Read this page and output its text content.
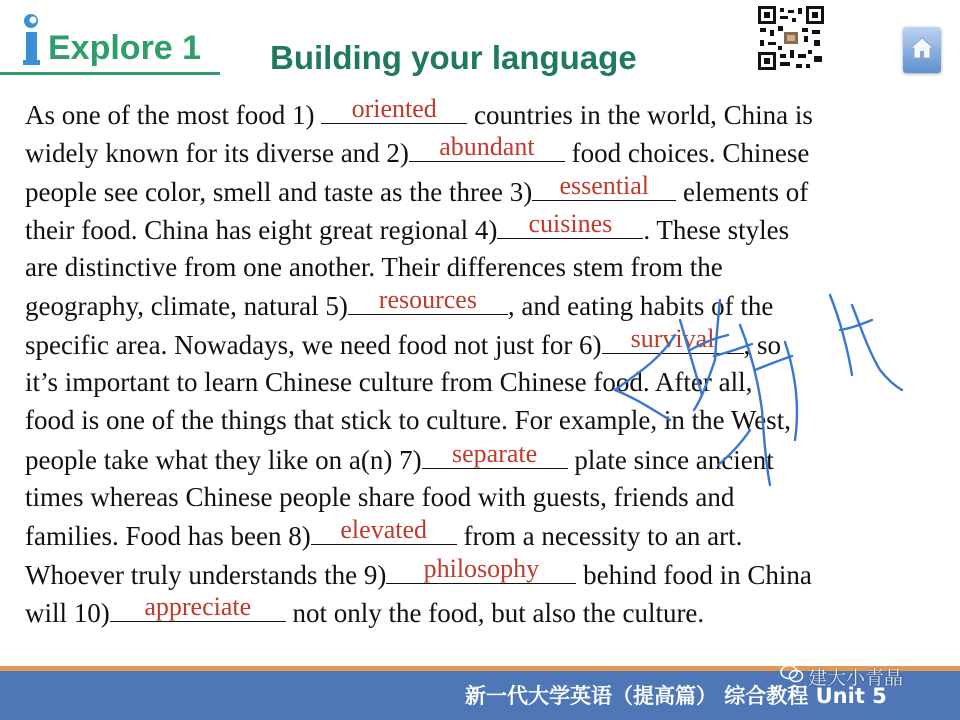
Explore 1 Building your language
As one of the most food 1)	oriented	countries in the world, China is
widely known for its diverse and 2)	abundant	food choices. Chinese
people see color, smell and taste as the three 3)	essential	elements of
their food. China has eight great regional 4)	cuisines	. These styles
are distinctive from one another. Their differences stem from the
geography, climate, natural 5)	resources	, and eating habits of the
specific area. Nowadays, we need food not just for 6)	survival	, so
it’s important to learn Chinese culture from Chinese food. After all,
food is one of the things that stick to culture. For example, in the West,
people take what they like on a(n) 7)	separate	plate since ancient
times whereas Chinese people share food with guests, friends and
families. Food has been 8)	elevated	from a necessity to an art.
Whoever truly understands the 9)	philosophy	behind food in China
will 10)	appreciate	not only the food, but also the culture.
新一代大学英语（提高篇） 综合教程 Unit 5
建大小青晶
